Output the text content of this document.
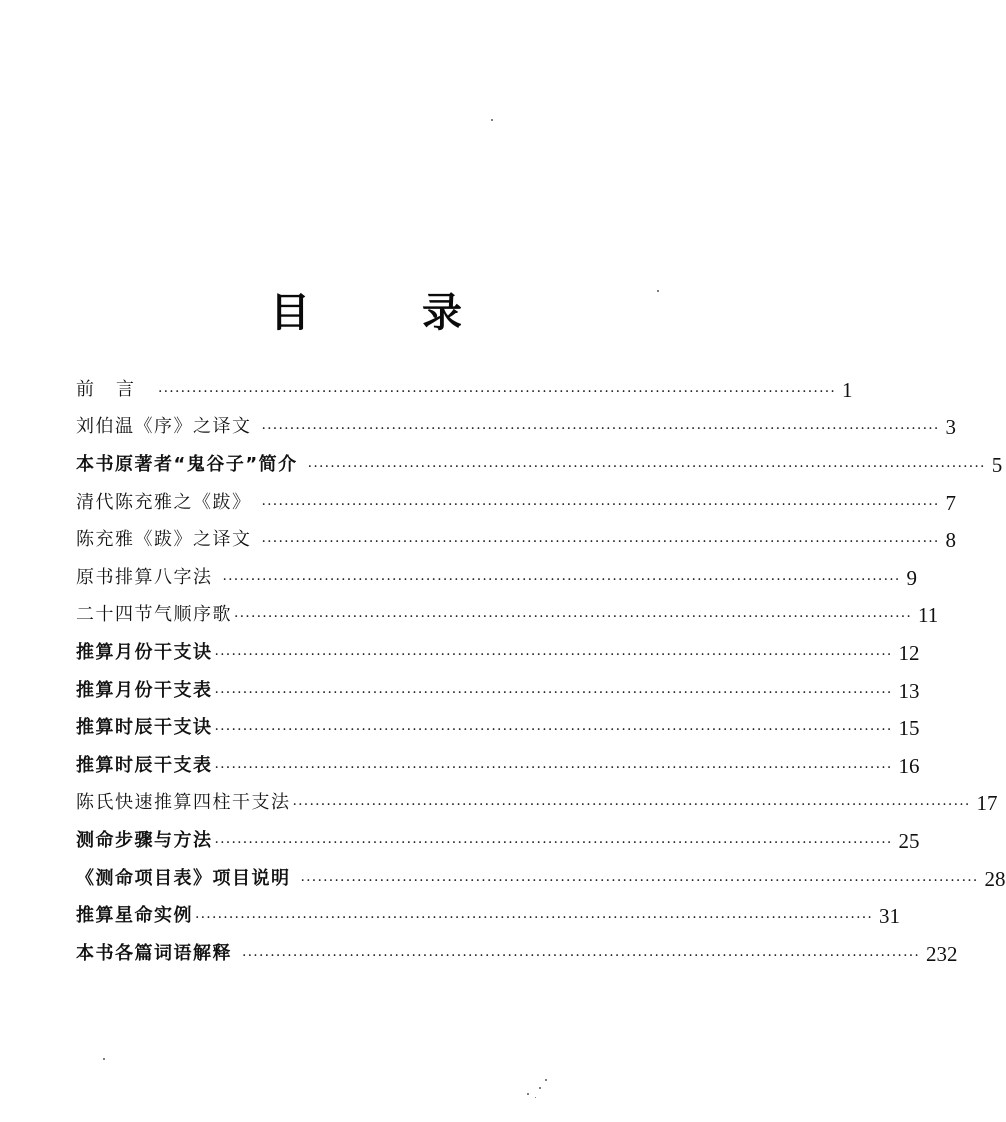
目	录
前言 ························································································································ 1
刘伯温《序》之译文 ························································································································ 3
本书原著者“鬼谷子”简介 ························································································································ 5
清代陈充雅之《跋》 ························································································································ 7
陈充雅《跋》之译文 ························································································································ 8
原书排算八字法 ························································································································ 9
二十四节气顺序歌 ························································································································ 11
推算月份干支诀 ························································································································ 12
推算月份干支表 ························································································································ 13
推算时辰干支诀 ························································································································ 15
推算时辰干支表 ························································································································ 16
陈氏快速推算四柱干支法 ························································································································ 17
测命步骤与方法 ························································································································ 25
《测命项目表》项目说明 ························································································································ 28
推算星命实例 ························································································································ 31
本书各篇词语解释 ························································································································ 232
